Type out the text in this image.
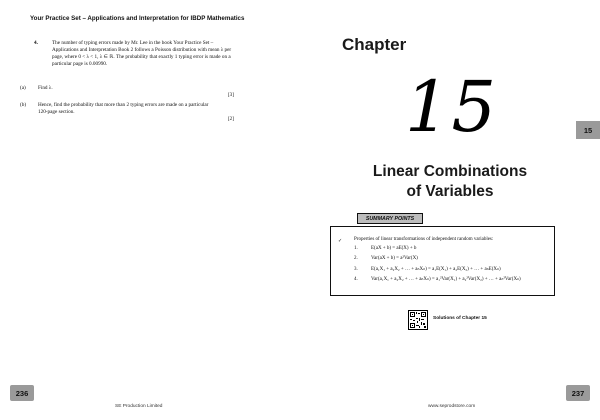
Your Practice Set – Applications and Interpretation for IBDP Mathematics
4.	The number of typing errors made by Mr. Lee in the book Your Practice Set –
Applications and Interpretation Book 2 follows a Poisson distribution with mean λ per
page, where 0 < λ < 1, λ ∈ ℝ. The probability that exactly 1 typing error is made on a
particular page is 0.00990.
(a) Find λ.
[3]
(b) Hence, find the probability that more than 2 typing errors are made on a particular
120-page section.
[2]
236
SE Production Limited
Chapter
15	15
Linear Combinations
of Variables
SUMMARY POINTS
✓ Properties of linear transformations of independent random variables:
1.	E(aX + b) = aE(X) + b
2.	Var(aX + b) = a²Var(X)
3.	E(a₁X₁ + a₂X₂ + … + aₙXₙ) = a₁E(X₁) + a₂E(X₂) + … + aₙE(Xₙ)
4.	Var(a₁X₁ + a₂X₂ + … + aₙXₙ) = a₁²Var(X₁) + a₂²Var(X₂) + … + aₙ²Var(Xₙ)
Solutions of Chapter 15
237
www.seprodstore.com
